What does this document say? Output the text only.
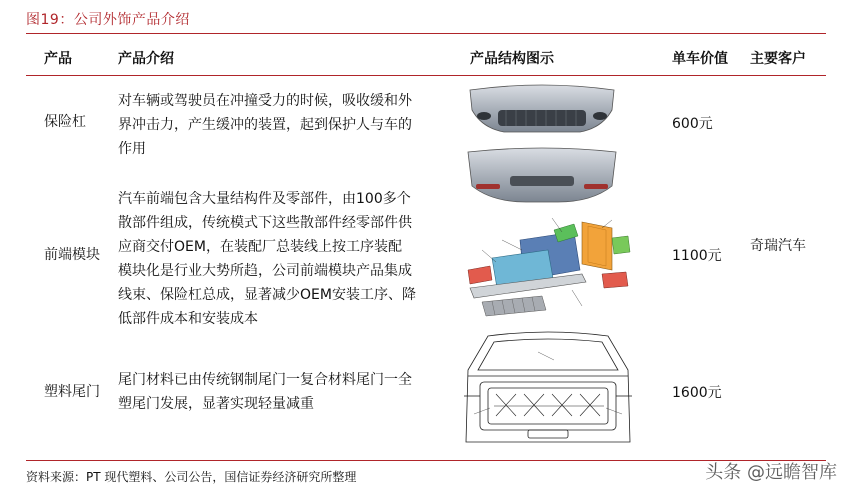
图19：公司外饰产品介绍
产品	产品介绍	产品结构图示	单车价值 主要客户
保险杠
对车辆或驾驶员在冲撞受力的时候，吸收缓和外
界冲击力，产生缓冲的装置，起到保护人与车的
作用
600元
前端模块
汽车前端包含大量结构件及零部件，由100多个
散部件组成，传统模式下这些散部件经零部件供
应商交付OEM，在装配厂总装线上按工序装配
模块化是行业大势所趋，公司前端模块产品集成
线束、保险杠总成，显著减少OEM安装工序、降
低部件成本和安装成本
1100元
奇瑞汽车
塑料尾门
尾门材料已由传统钢制尾门一复合材料尾门一全
塑尾门发展，显著实现轻量减重
1600元
资料来源：PT 现代塑料、公司公告，国信证券经济研究所整理	头条 @远瞻智库
